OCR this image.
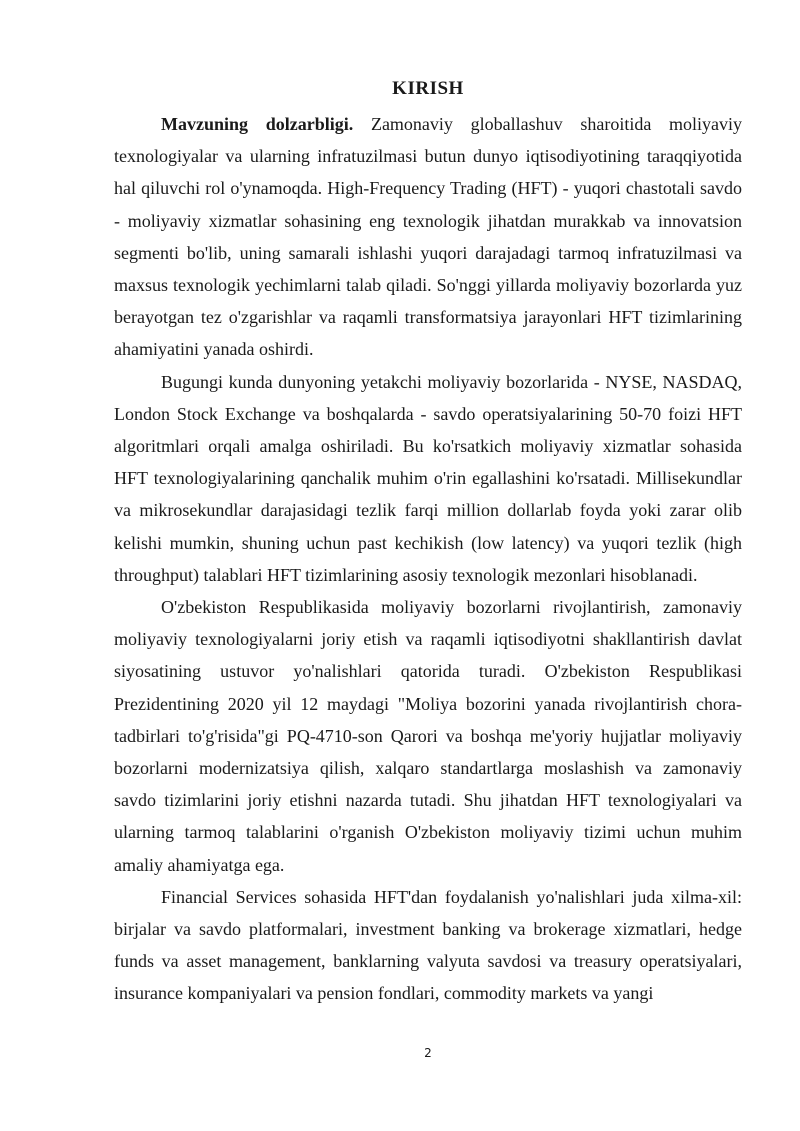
KIRISH

Mavzuning dolzarbligi. Zamonaviy globallashuv sharoitida moliyaviy texnologiyalar va ularning infratuzilmasi butun dunyo iqtisodiyotining taraqqiyotida hal qiluvchi rol o'ynamoqda. High-Frequency Trading (HFT) - yuqori chastotali savdo - moliyaviy xizmatlar sohasining eng texnologik jihatdan murakkab va innovatsion segmenti bo'lib, uning samarali ishlashi yuqori darajadagi tarmoq infratuzilmasi va maxsus texnologik yechimlarni talab qiladi. So'nggi yillarda moliyaviy bozorlarda yuz berayotgan tez o'zgarishlar va raqamli transformatsiya jarayonlari HFT tizimlarining ahamiyatini yanada oshirdi.

Bugungi kunda dunyoning yetakchi moliyaviy bozorlarida - NYSE, NASDAQ, London Stock Exchange va boshqalarda - savdo operatsiyalarining 50-70 foizi HFT algoritmlari orqali amalga oshiriladi. Bu ko'rsatkich moliyaviy xizmatlar sohasida HFT texnologiyalarining qanchalik muhim o'rin egallashini ko'rsatadi. Millisekundlar va mikrosekundlar darajasidagi tezlik farqi million dollarlab foyda yoki zarar olib kelishi mumkin, shuning uchun past kechikish (low latency) va yuqori tezlik (high throughput) talablari HFT tizimlarining asosiy texnologik mezonlari hisoblanadi.

O'zbekiston Respublikasida moliyaviy bozorlarni rivojlantirish, zamonaviy moliyaviy texnologiyalarni joriy etish va raqamli iqtisodiyotni shakllantirish davlat siyosatining ustuvor yo'nalishlari qatorida turadi. O'zbekiston Respublikasi Prezidentining 2020 yil 12 maydagi "Moliya bozorini yanada rivojlantirish chora-tadbirlari to'g'risida"gi PQ-4710-son Qarori va boshqa me'yoriy hujjatlar moliyaviy bozorlarni modernizatsiya qilish, xalqaro standartlarga moslashish va zamonaviy savdo tizimlarini joriy etishni nazarda tutadi. Shu jihatdan HFT texnologiyalari va ularning tarmoq talablarini o'rganish O'zbekiston moliyaviy tizimi uchun muhim amaliy ahamiyatga ega.

Financial Services sohasida HFT'dan foydalanish yo'nalishlari juda xilma-xil: birjalar va savdo platformalari, investment banking va brokerage xizmatlari, hedge funds va asset management, banklarning valyuta savdosi va treasury operatsiyalari, insurance kompaniyalari va pension fondlari, commodity markets va yangi

2
